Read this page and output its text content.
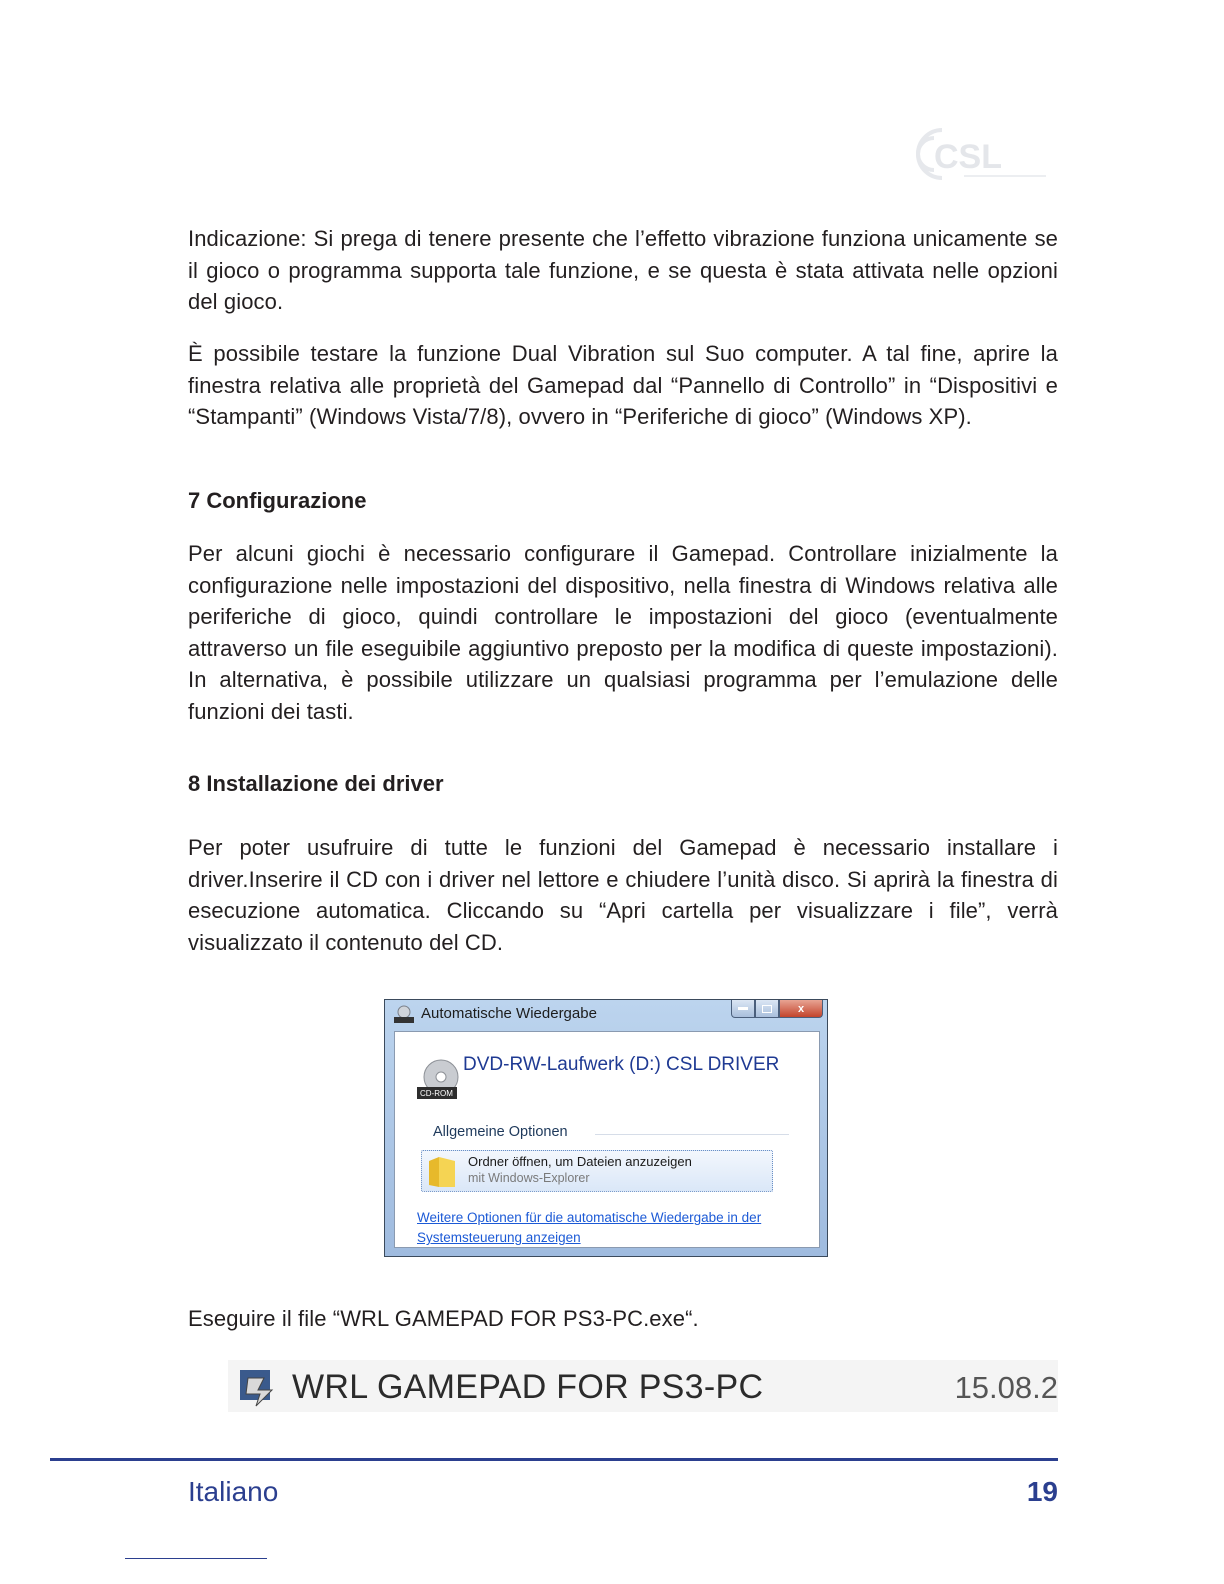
CSL

Indicazione: Si prega di tenere presente che l’effetto vibrazione funziona unicamente se il gioco o programma supporta tale funzione, e se questa è stata attivata nelle opzioni del gioco.

È possibile testare la funzione Dual Vibration sul Suo computer. A tal fine, aprire la finestra relativa alle proprietà del Gamepad dal “Pannello di Controllo” in “Dispositivi e “Stampanti” (Windows Vista/7/8), ovvero in “Periferiche di gioco” (Windows XP).

7 Configurazione

Per alcuni giochi è necessario configurare il Gamepad. Controllare inizialmente la configurazione nelle impostazioni del dispositivo, nella finestra di Windows relativa alle periferiche di gioco, quindi controllare le impostazioni del gioco (eventualmente attraverso un file eseguibile aggiuntivo preposto per la modifica di queste impostazioni). In alternativa, è possibile utilizzare un qualsiasi programma per l’emulazione delle funzioni dei tasti.

8 Installazione dei driver

Per poter usufruire di tutte le funzioni del Gamepad è necessario installare i driver.Inserire il CD con i driver nel lettore e chiudere l’unità disco. Si aprirà la finestra di esecuzione automatica. Cliccando su “Apri cartella per visualizzare i file”, verrà visualizzato il contenuto del CD.

Automatische Wiedergabe	x
CD-ROM
DVD-RW-Laufwerk (D:) CSL DRIVER
Allgemeine Optionen
Ordner öffnen, um Dateien anzuzeigen
mit Windows-Explorer
Weitere Optionen für die automatische Wiedergabe in der Systemsteuerung anzeigen

Eseguire il file “WRL GAMEPAD FOR PS3-PC.exe“.

WRL GAMEPAD FOR PS3-PC	15.08.2
Italiano	19
